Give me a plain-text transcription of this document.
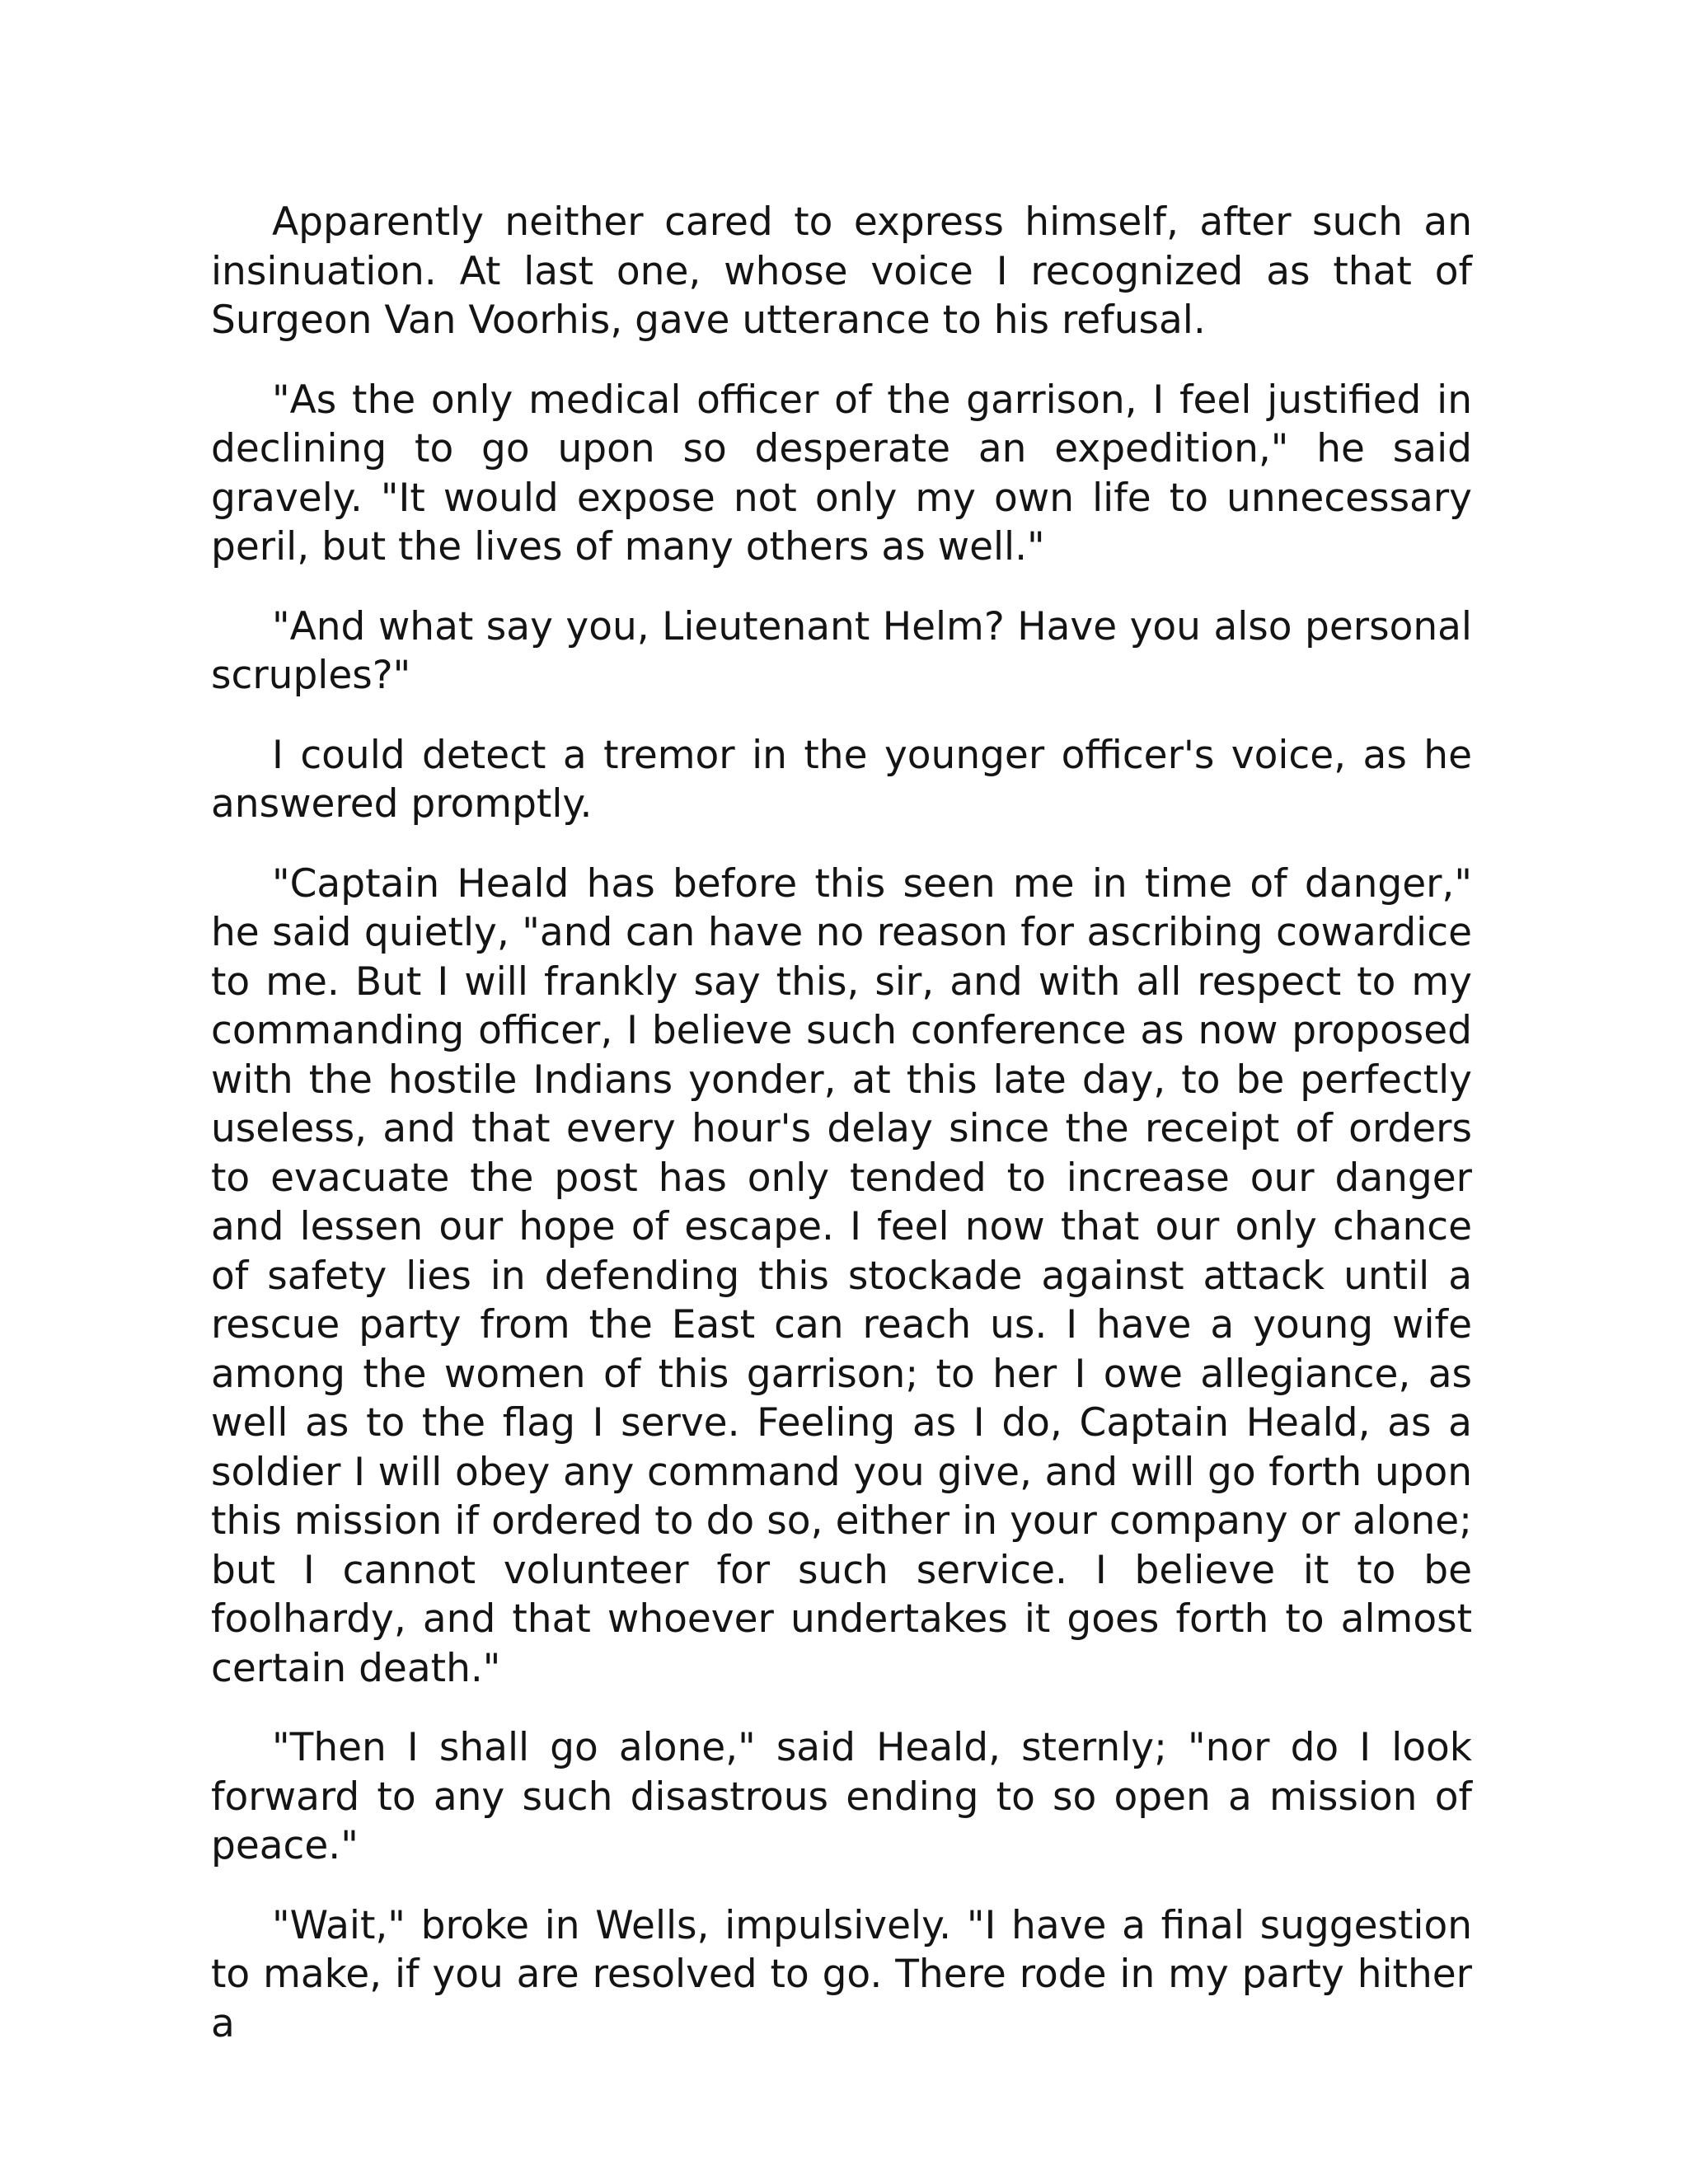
Apparently neither cared to express himself, after such an insinuation. At last one, whose voice I recognized as that of Surgeon Van Voorhis, gave utterance to his refusal.

"As the only medical officer of the garrison, I feel justified in declining to go upon so desperate an expedition," he said gravely. "It would expose not only my own life to unnecessary peril, but the lives of many others as well."

"And what say you, Lieutenant Helm? Have you also personal scruples?"

I could detect a tremor in the younger officer's voice, as he answered promptly.

"Captain Heald has before this seen me in time of danger," he said quietly, "and can have no reason for ascribing cowardice to me. But I will frankly say this, sir, and with all respect to my commanding officer, I believe such conference as now proposed with the hostile Indians yonder, at this late day, to be perfectly useless, and that every hour's delay since the receipt of orders to evacuate the post has only tended to increase our danger and lessen our hope of escape. I feel now that our only chance of safety lies in defending this stockade against attack until a rescue party from the East can reach us. I have a young wife among the women of this garrison; to her I owe allegiance, as well as to the flag I serve. Feeling as I do, Captain Heald, as a soldier I will obey any command you give, and will go forth upon this mission if ordered to do so, either in your company or alone; but I cannot volunteer for such service. I believe it to be foolhardy, and that whoever undertakes it goes forth to almost certain death."

"Then I shall go alone," said Heald, sternly; "nor do I look forward to any such disastrous ending to so open a mission of peace."

"Wait," broke in Wells, impulsively. "I have a final suggestion to make, if you are resolved to go. There rode in my party hither a
